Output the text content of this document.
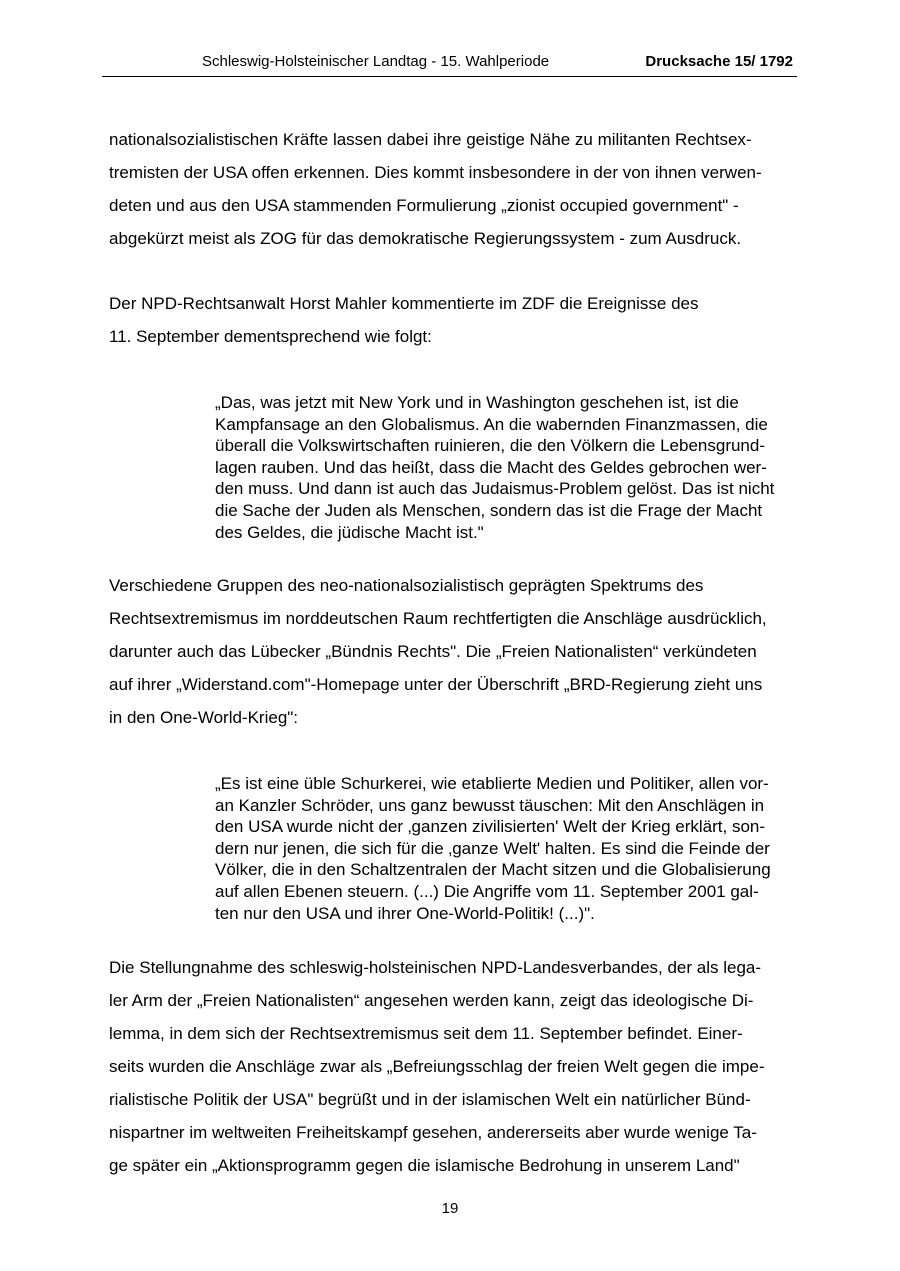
Schleswig-Holsteinischer Landtag - 15. Wahlperiode	Drucksache 15/ 1792
nationalsozialistischen Kräfte lassen dabei ihre geistige Nähe zu militanten Rechtsex-
tremisten der USA offen erkennen. Dies kommt insbesondere in der von ihnen verwen-
deten und aus den USA stammenden Formulierung „zionist occupied government" -
abgekürzt meist als ZOG für das demokratische Regierungssystem - zum Ausdruck.
Der NPD-Rechtsanwalt Horst Mahler kommentierte im ZDF die Ereignisse des
11. September dementsprechend wie folgt:
„Das, was jetzt mit New York und in Washington geschehen ist, ist die
Kampfansage an den Globalismus. An die wabernden Finanzmassen, die
überall die Volkswirtschaften ruinieren, die den Völkern die Lebensgrund-
lagen rauben. Und das heißt, dass die Macht des Geldes gebrochen wer-
den muss. Und dann ist auch das Judaismus-Problem gelöst. Das ist nicht
die Sache der Juden als Menschen, sondern das ist die Frage der Macht
des Geldes, die jüdische Macht ist."
Verschiedene Gruppen des neo-nationalsozialistisch geprägten Spektrums des
Rechtsextremismus im norddeutschen Raum rechtfertigten die Anschläge ausdrücklich,
darunter auch das Lübecker „Bündnis Rechts". Die „Freien Nationalisten“ verkündeten
auf ihrer „Widerstand.com"-Homepage unter der Überschrift „BRD-Regierung zieht uns
in den One-World-Krieg":
„Es ist eine üble Schurkerei, wie etablierte Medien und Politiker, allen vor-
an Kanzler Schröder, uns ganz bewusst täuschen: Mit den Anschlägen in
den USA wurde nicht der ‚ganzen zivilisierten' Welt der Krieg erklärt, son-
dern nur jenen, die sich für die ‚ganze Welt' halten. Es sind die Feinde der
Völker, die in den Schaltzentralen der Macht sitzen und die Globalisierung
auf allen Ebenen steuern. (...) Die Angriffe vom 11. September 2001 gal-
ten nur den USA und ihrer One-World-Politik! (...)".
Die Stellungnahme des schleswig-holsteinischen NPD-Landesverbandes, der als lega-
ler Arm der „Freien Nationalisten“ angesehen werden kann, zeigt das ideologische Di-
lemma, in dem sich der Rechtsextremismus seit dem 11. September befindet. Einer-
seits wurden die Anschläge zwar als „Befreiungsschlag der freien Welt gegen die impe-
rialistische Politik der USA" begrüßt und in der islamischen Welt ein natürlicher Bünd-
nispartner im weltweiten Freiheitskampf gesehen, andererseits aber wurde wenige Ta-
ge später ein „Aktionsprogramm gegen die islamische Bedrohung in unserem Land"
19
